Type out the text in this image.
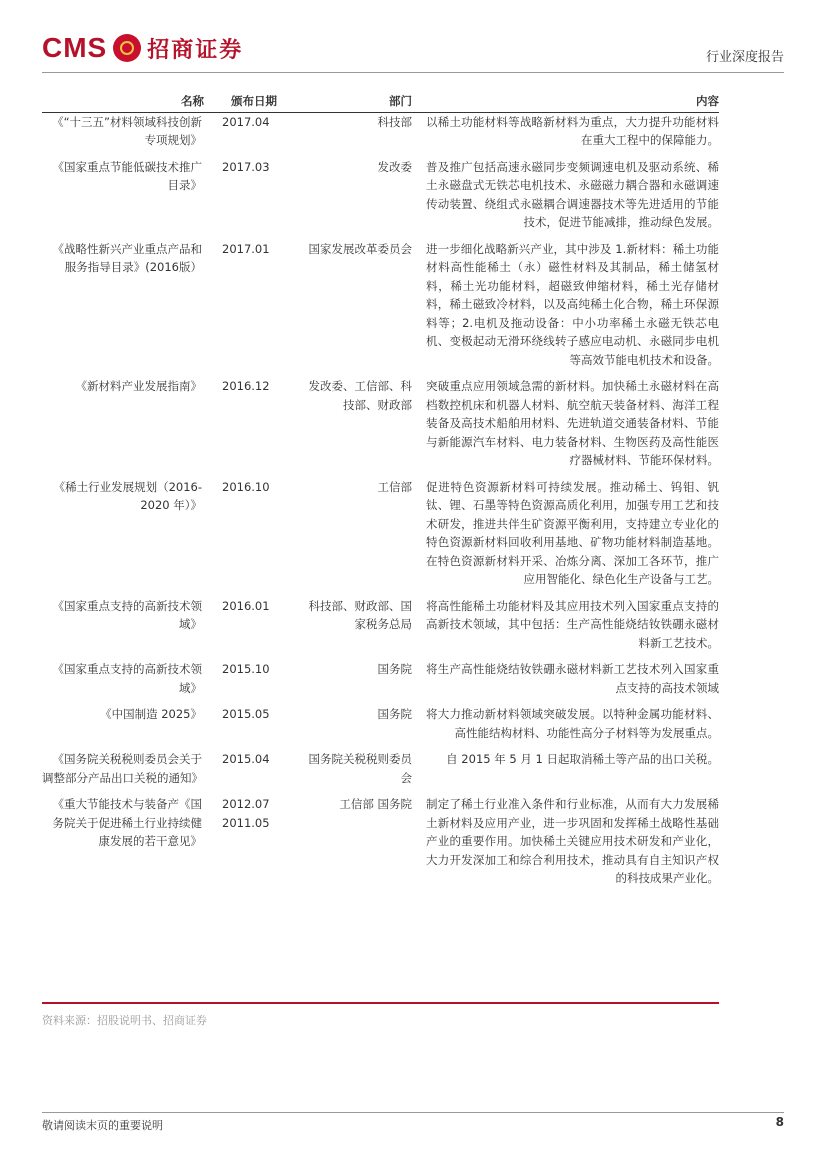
CMS 招商证券	行业深度报告
名称	颁布日期	部门	内容
《“十三五”材料领域科技创新专项规划》	2017.04	科技部	以稀土功能材料等战略新材料为重点，大力提升功能材料在重大工程中的保障能力。
《国家重点节能低碳技术推广目录》	2017.03	发改委	普及推广包括高速永磁同步变频调速电机及驱动系统、稀土永磁盘式无铁芯电机技术、永磁磁力耦合器和永磁调速传动装置、绕组式永磁耦合调速器技术等先进适用的节能技术，促进节能减排，推动绿色发展。
《战略性新兴产业重点产品和服务指导目录》(2016版）	2017.01	国家发展改革委员会	进一步细化战略新兴产业，其中涉及 1.新材料：稀土功能材料高性能稀土（永）磁性材料及其制品，稀土储氢材料，稀土光功能材料，超磁致伸缩材料，稀土光存储材料，稀土磁致冷材料，以及高纯稀土化合物，稀土环保源料等；2.电机及拖动设备：中小功率稀土永磁无铁芯电机、变极起动无滑环绕线转子感应电动机、永磁同步电机等高效节能电机技术和设备。
《新材料产业发展指南》	2016.12	发改委、工信部、科技部、财政部	突破重点应用领域急需的新材料。加快稀土永磁材料在高档数控机床和机器人材料、航空航天装备材料、海洋工程装备及高技术船舶用材料、先进轨道交通装备材料、节能与新能源汽车材料、电力装备材料、生物医药及高性能医疗器械材料、节能环保材料。
《稀土行业发展规划（2016-2020 年）》	2016.10	工信部	促进特色资源新材料可持续发展。推动稀土、钨钼、钒钛、锂、石墨等特色资源高质化利用，加强专用工艺和技术研发，推进共伴生矿资源平衡利用，支持建立专业化的特色资源新材料回收利用基地、矿物功能材料制造基地。在特色资源新材料开采、冶炼分离、深加工各环节，推广应用智能化、绿色化生产设备与工艺。
《国家重点支持的高新技术领域》	2016.01	科技部、财政部、国家税务总局	将高性能稀土功能材料及其应用技术列入国家重点支持的高新技术领域，其中包括：生产高性能烧结钕铁硼永磁材料新工艺技术。
《国家重点支持的高新技术领域》	2015.10	国务院	将生产高性能烧结钕铁硼永磁材料新工艺技术列入国家重点支持的高技术领域
《中国制造 2025》	2015.05	国务院	将大力推动新材料领域突破发展。以特种金属功能材料、高性能结构材料、功能性高分子材料等为发展重点。
《国务院关税税则委员会关于调整部分产品出口关税的通知》	2015.04	国务院关税税则委员会	自 2015 年 5 月 1 日起取消稀土等产品的出口关税。
《重大节能技术与装备产《国务院关于促进稀土行业持续健康发展的若干意见》	2012.07 2011.05	工信部 国务院	制定了稀土行业准入条件和行业标准，从而有大力发展稀土新材料及应用产业，进一步巩固和发挥稀土战略性基础产业的重要作用。加快稀土关键应用技术研发和产业化，大力开发深加工和综合利用技术，推动具有自主知识产权的科技成果产业化。
资料来源：招股说明书、招商证券
敬请阅读末页的重要说明	8
